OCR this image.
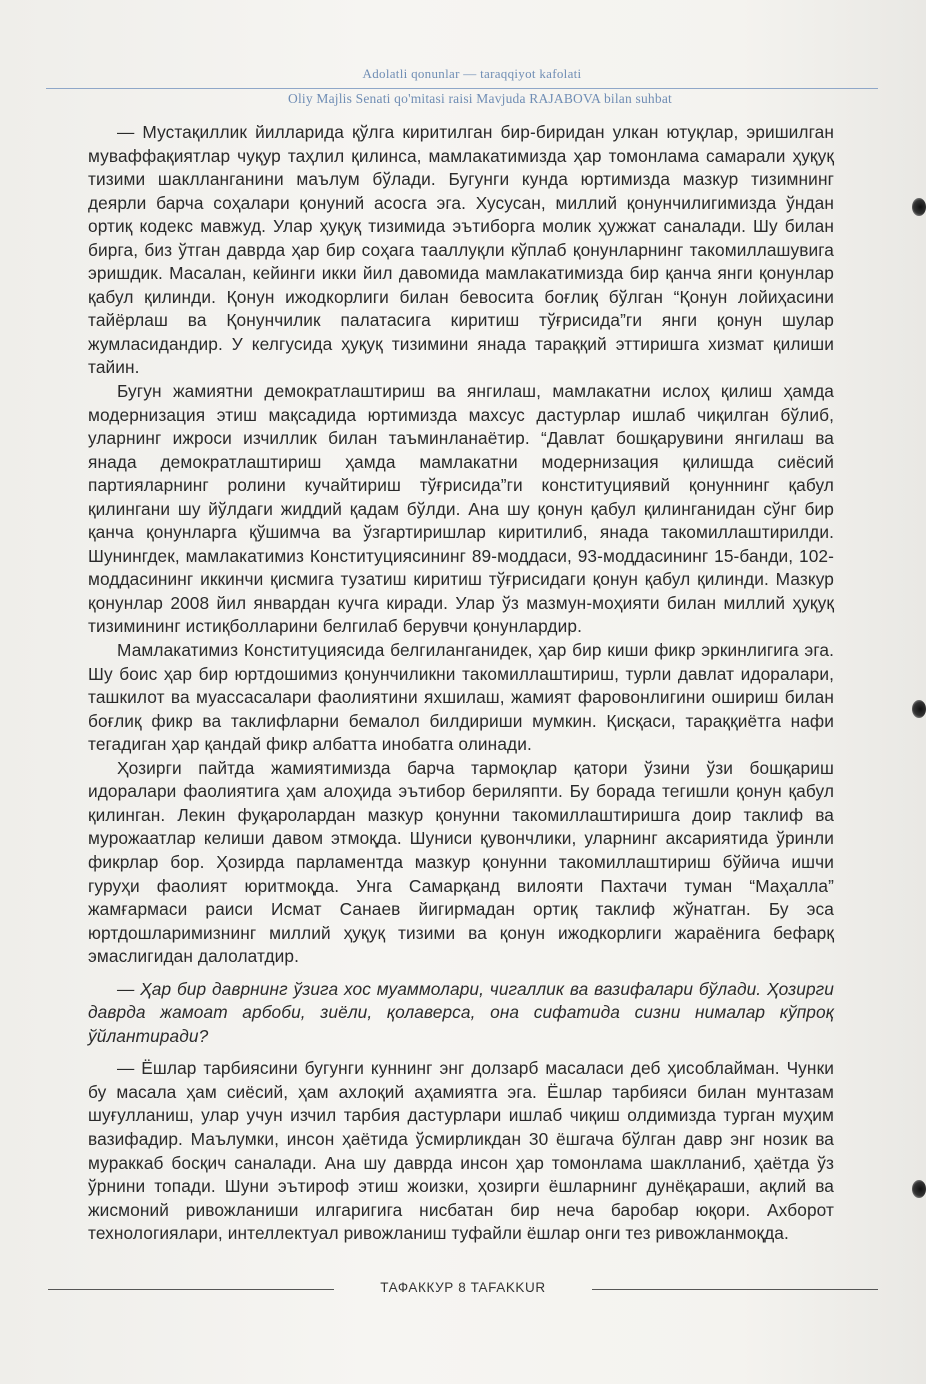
Adolatli qonunlar — taraqqiyot kafolati
Oliy Majlis Senati qo'mitasi raisi Mavjuda RAJABOVA bilan suhbat

— Мустақиллик йилларида қўлга киритилган бир-биридан улкан ютуқлар, эришилган муваффақиятлар чуқур таҳлил қилинса, мамлакатимизда ҳар томонлама самарали ҳуқуқ тизими шаклланганини маълум бўлади. Бугунги кунда юртимизда мазкур тизимнинг деярли барча соҳалари қонуний асосга эга. Хусусан, миллий қонунчилигимизда ўндан ортиқ кодекс мавжуд. Улар ҳуқуқ тизимида эътиборга молик ҳужжат саналади. Шу билан бирга, биз ўтган даврда ҳар бир соҳага тааллуқли кўплаб қонунларнинг такомиллашувига эришдик. Масалан, кейинги икки йил давомида мамлакатимизда бир қанча янги қонунлар қабул қилинди. Қонун ижодкорлиги билан бевосита боғлиқ бўлган “Қонун лойиҳасини тайёрлаш ва Қонунчилик палатасига киритиш тўғрисида”ги янги қонун шулар жумласидандир. У келгусида ҳуқуқ тизимини янада тараққий эттиришга хизмат қилиши тайин.

Бугун жамиятни демократлаштириш ва янгилаш, мамлакатни ислоҳ қилиш ҳамда модернизация этиш мақсадида юртимизда махсус дастурлар ишлаб чиқилган бўлиб, уларнинг ижроси изчиллик билан таъминланаётир. “Давлат бошқарувини янгилаш ва янада демократлаштириш ҳамда мамлакатни модернизация қилишда сиёсий партияларнинг ролини кучайтириш тўғрисида”ги конституциявий қонуннинг қабул қилингани шу йўлдаги жиддий қадам бўлди. Ана шу қонун қабул қилинганидан сўнг бир қанча қонунларга қўшимча ва ўзгартиришлар киритилиб, янада такомиллаштирилди. Шунингдек, мамлакатимиз Конституциясининг 89-моддаси, 93-моддасининг 15-банди, 102-моддасининг иккинчи қисмига тузатиш киритиш тўғрисидаги қонун қабул қилинди. Мазкур қонунлар 2008 йил январдан кучга киради. Улар ўз мазмун-моҳияти билан миллий ҳуқуқ тизимининг истиқболларини белгилаб берувчи қонунлардир.

Мамлакатимиз Конституциясида белгиланганидек, ҳар бир киши фикр эркинлигига эга. Шу боис ҳар бир юртдошимиз қонунчиликни такомиллаштириш, турли давлат идоралари, ташкилот ва муассасалари фаолиятини яхшилаш, жамият фаровонлигини ошириш билан боғлиқ фикр ва таклифларни бемалол билдириши мумкин. Қисқаси, тараққиётга нафи тегадиган ҳар қандай фикр албатта инобатга олинади.

Ҳозирги пайтда жамиятимизда барча тармоқлар қатори ўзини ўзи бошқариш идоралари фаолиятига ҳам алоҳида эътибор бериляпти. Бу борада тегишли қонун қабул қилинган. Лекин фуқаролардан мазкур қонунни такомиллаштиришга доир таклиф ва мурожаатлар келиши давом этмоқда. Шуниси қувончлики, уларнинг аксариятида ўринли фикрлар бор. Ҳозирда парламентда мазкур қонунни такомиллаштириш бўйича ишчи гуруҳи фаолият юритмоқда. Унга Самарқанд вилояти Пахтачи туман “Маҳалла” жамғармаси раиси Исмат Санаев йигирмадан ортиқ таклиф жўнатган. Бу эса юртдошларимизнинг миллий ҳуқуқ тизими ва қонун ижодкорлиги жараёнига бефарқ эмаслигидан далолатдир.

— Ҳар бир даврнинг ўзига хос муаммолари, чигаллик ва вазифалари бўлади. Ҳозирги даврда жамоат арбоби, зиёли, қолаверса, она сифатида сизни нималар кўпроқ ўйлантиради?

— Ёшлар тарбиясини бугунги куннинг энг долзарб масаласи деб ҳисоблайман. Чунки бу масала ҳам сиёсий, ҳам ахлоқий аҳамиятга эга. Ёшлар тарбияси билан мунтазам шуғулланиш, улар учун изчил тарбия дастурлари ишлаб чиқиш олдимизда турган муҳим вазифадир. Маълумки, инсон ҳаётида ўсмирликдан 30 ёшгача бўлган давр энг нозик ва мураккаб босқич саналади. Ана шу даврда инсон ҳар томонлама шаклланиб, ҳаётда ўз ўрнини топади. Шуни эътироф этиш жоизки, ҳозирги ёшларнинг дунёқараши, ақлий ва жисмоний ривожланиши илгаригига нисбатан бир неча баробар юқори. Ахборот технологиялари, интеллектуал ривожланиш туфайли ёшлар онги тез ривожланмоқда.

ТАФАККУР 8 TAFAKKUR
